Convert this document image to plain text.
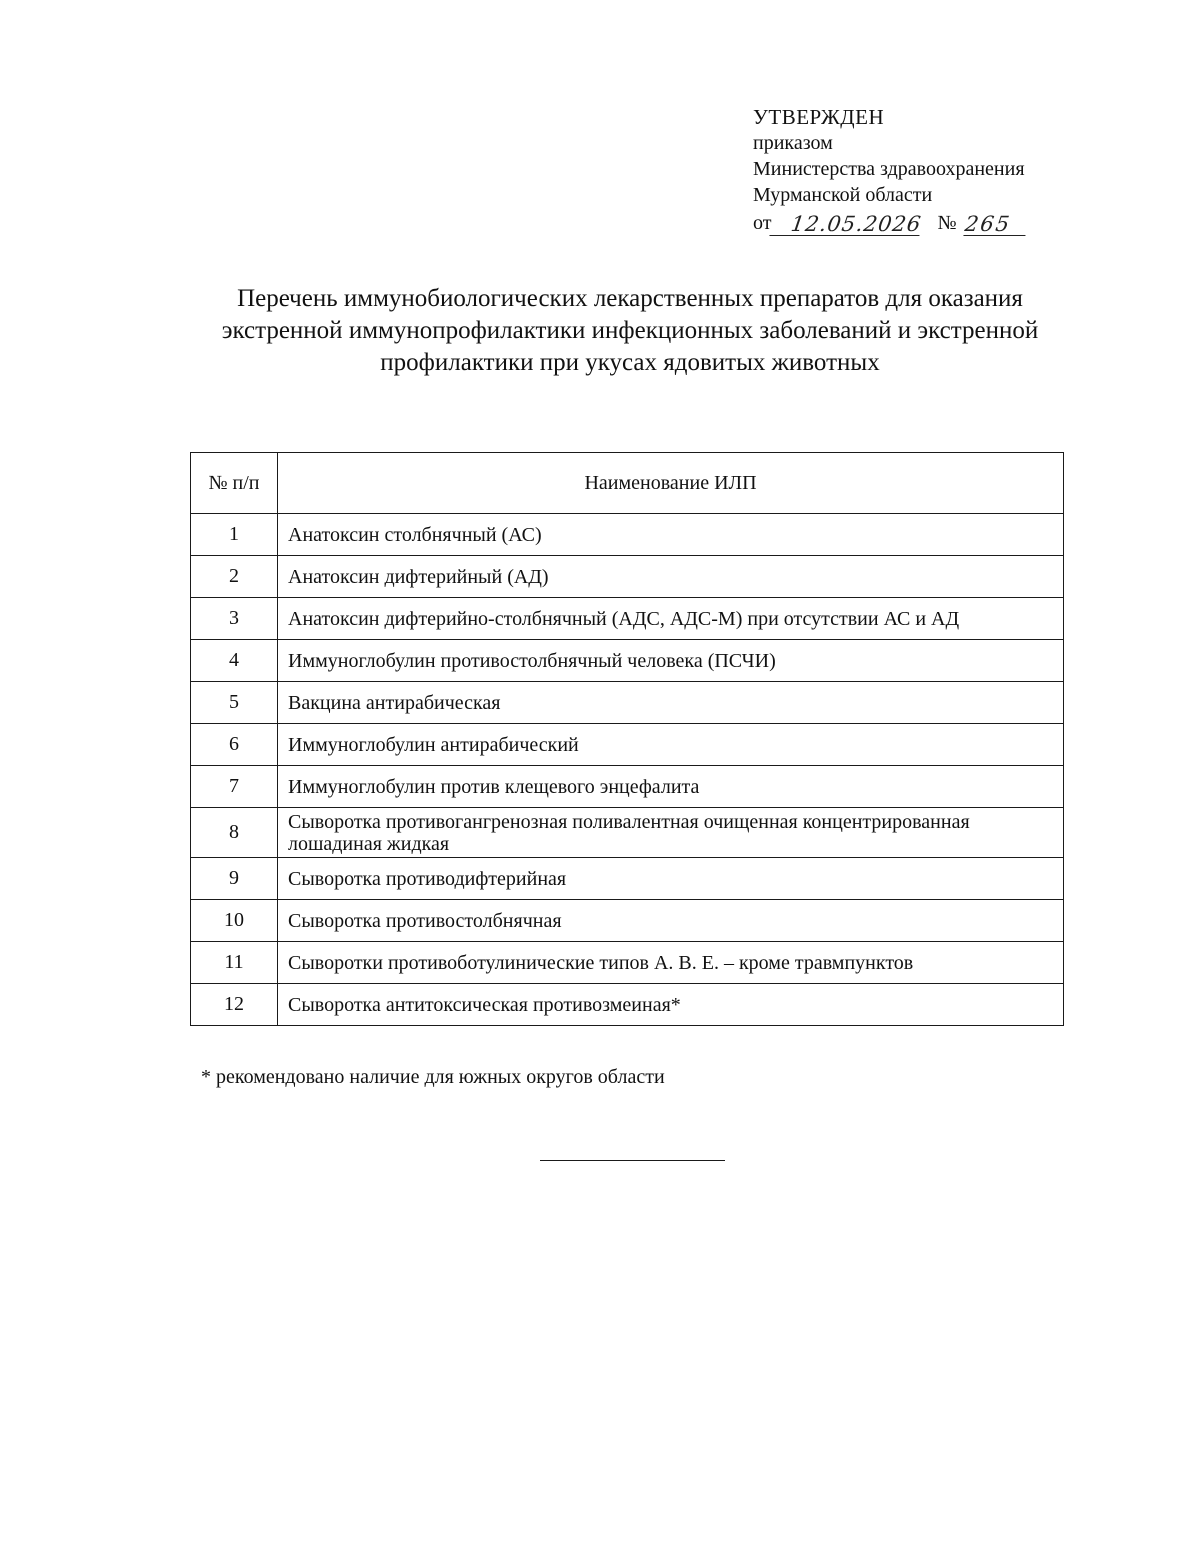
УТВЕРЖДЕН
приказом
Министерства здравоохранения
Мурманской области
от 12.05.2026 № 265
Перечень иммунобиологических лекарственных препаратов для оказания
экстренной иммунопрофилактики инфекционных заболеваний и экстренной
профилактики при укусах ядовитых животных
№ п/п	Наименование ИЛП
1	Анатоксин столбнячный (АС)
2	Анатоксин дифтерийный (АД)
3	Анатоксин дифтерийно-столбнячный (АДС, АДС-М) при отсутствии АС и АД
4	Иммуноглобулин противостолбнячный человека (ПСЧИ)
5	Вакцина антирабическая
6	Иммуноглобулин антирабический
7	Иммуноглобулин против клещевого энцефалита
8	Сыворотка противогангренозная поливалентная очищенная концентрированная лошадиная жидкая
9	Сыворотка противодифтерийная
10	Сыворотка противостолбнячная
11	Сыворотки противоботулинические типов А. В. Е. – кроме травмпунктов
12	Сыворотка антитоксическая противозмеиная*
* рекомендовано наличие для южных округов области
